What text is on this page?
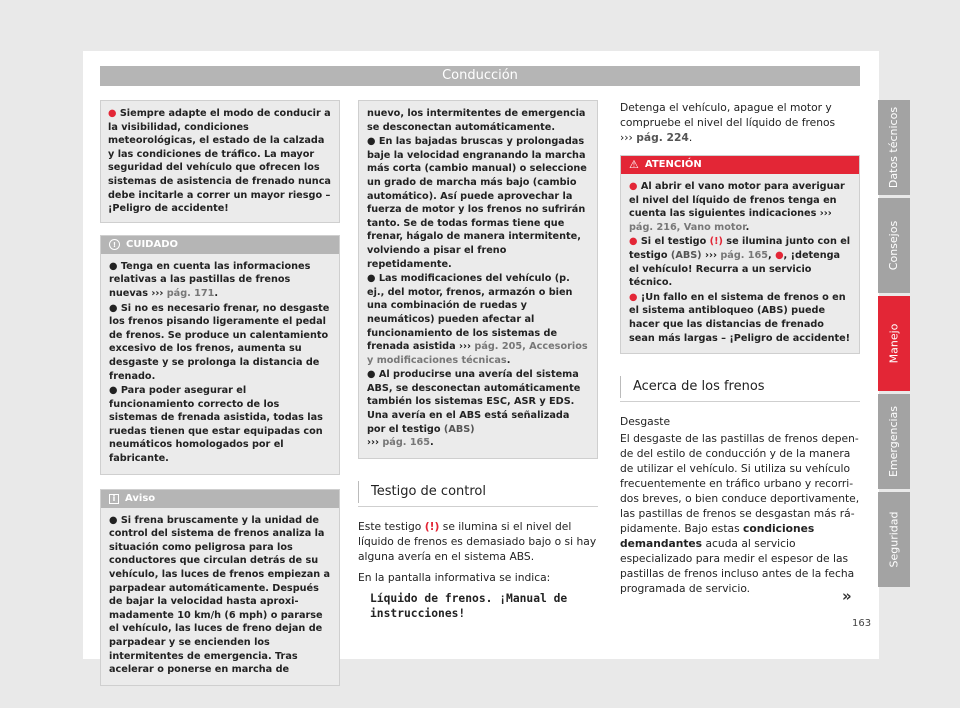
Conducción
Datos técnicos
Consejos
Manejo
Emergencias
Seguridad

● Siempre adapte el modo de conducir a la visibilidad, condiciones meteorológicas, el estado de la calzada y las condiciones de tráfico. La mayor seguridad del vehículo que ofrecen los sistemas de asistencia de frenado nunca debe incitarle a correr un mayor riesgo – ¡Peligro de accidente!

! CUIDADO

● Tenga en cuenta las informaciones relativas a las pastillas de frenos nuevas ››› pág. 171.

● Si no es necesario frenar, no desgaste los frenos pisando ligeramente el pedal de frenos. Se produce un calentamiento excesivo de los frenos, aumenta su desgaste y se prolonga la distancia de frenado.

● Para poder asegurar el funcionamiento correcto de los sistemas de frenada asistida, todas las ruedas tienen que estar equipadas con neumáticos homologados por el fabricante.

i Aviso

● Si frena bruscamente y la unidad de control del sistema de frenos analiza la situación como peligrosa para los conductores que circulan detrás de su vehículo, las luces de frenos empiezan a parpadear automáticamente. Después de bajar la velocidad hasta aproximadamente 10 km/h (6 mph) o pararse el vehículo, las luces de freno dejan de parpadear y se encienden los intermitentes de emergencia. Tras acelerar o ponerse en marcha de

nuevo, los intermitentes de emergencia se desconectan automáticamente.

● En las bajadas bruscas y prolongadas baje la velocidad engranando la marcha más corta (cambio manual) o seleccione un grado de marcha más bajo (cambio automático). Así puede aprovechar la fuerza de motor y los frenos no sufrirán tanto. Se de todas formas tiene que frenar, hágalo de manera intermitente, volviendo a pisar el freno repetidamente.

● Las modificaciones del vehículo (p. ej., del motor, frenos, armazón o bien una combinación de ruedas y neumáticos) pueden afectar al funcionamiento de los sistemas de frenada asistida ››› pág. 205, Accesorios y modificaciones técnicas.

● Al producirse una avería del sistema ABS, se desconectan automáticamente también los sistemas ESC, ASR y EDS. Una avería en el ABS está señalizada por el testigo (ABS)
››› pág. 165.

Testigo de control

Este testigo (!) se ilumina si el nivel del líquido de frenos es demasiado bajo o si hay alguna avería en el sistema ABS.

En la pantalla informativa se indica:

Líquido de frenos. ¡Manual de instrucciones!

Detenga el vehículo, apague el motor y compruebe el nivel del líquido de frenos
››› pág. 224.

⚠ ATENCIÓN

● Al abrir el vano motor para averiguar el nivel del líquido de frenos tenga en cuenta las siguientes indicaciones ››› pág. 216, Vano motor.

● Si el testigo (!) se ilumina junto con el testigo (ABS) ››› pág. 165, ●, ¡detenga el vehículo! Recurra a un servicio técnico.

● ¡Un fallo en el sistema de frenos o en el sistema antibloqueo (ABS) puede hacer que las distancias de frenado sean más largas – ¡Peligro de accidente!

Acerca de los frenos
Desgaste

El desgaste de las pastillas de frenos depende del estilo de conducción y de la manera de utilizar el vehículo. Si utiliza su vehículo frecuentemente en tráfico urbano y recorridos breves, o bien conduce deportivamente, las pastillas de frenos se desgastan más rápidamente. Bajo estas condiciones demandantes acuda al servicio especializado para medir el espesor de las pastillas de frenos incluso antes de la fecha programada de servicio.	»
163
